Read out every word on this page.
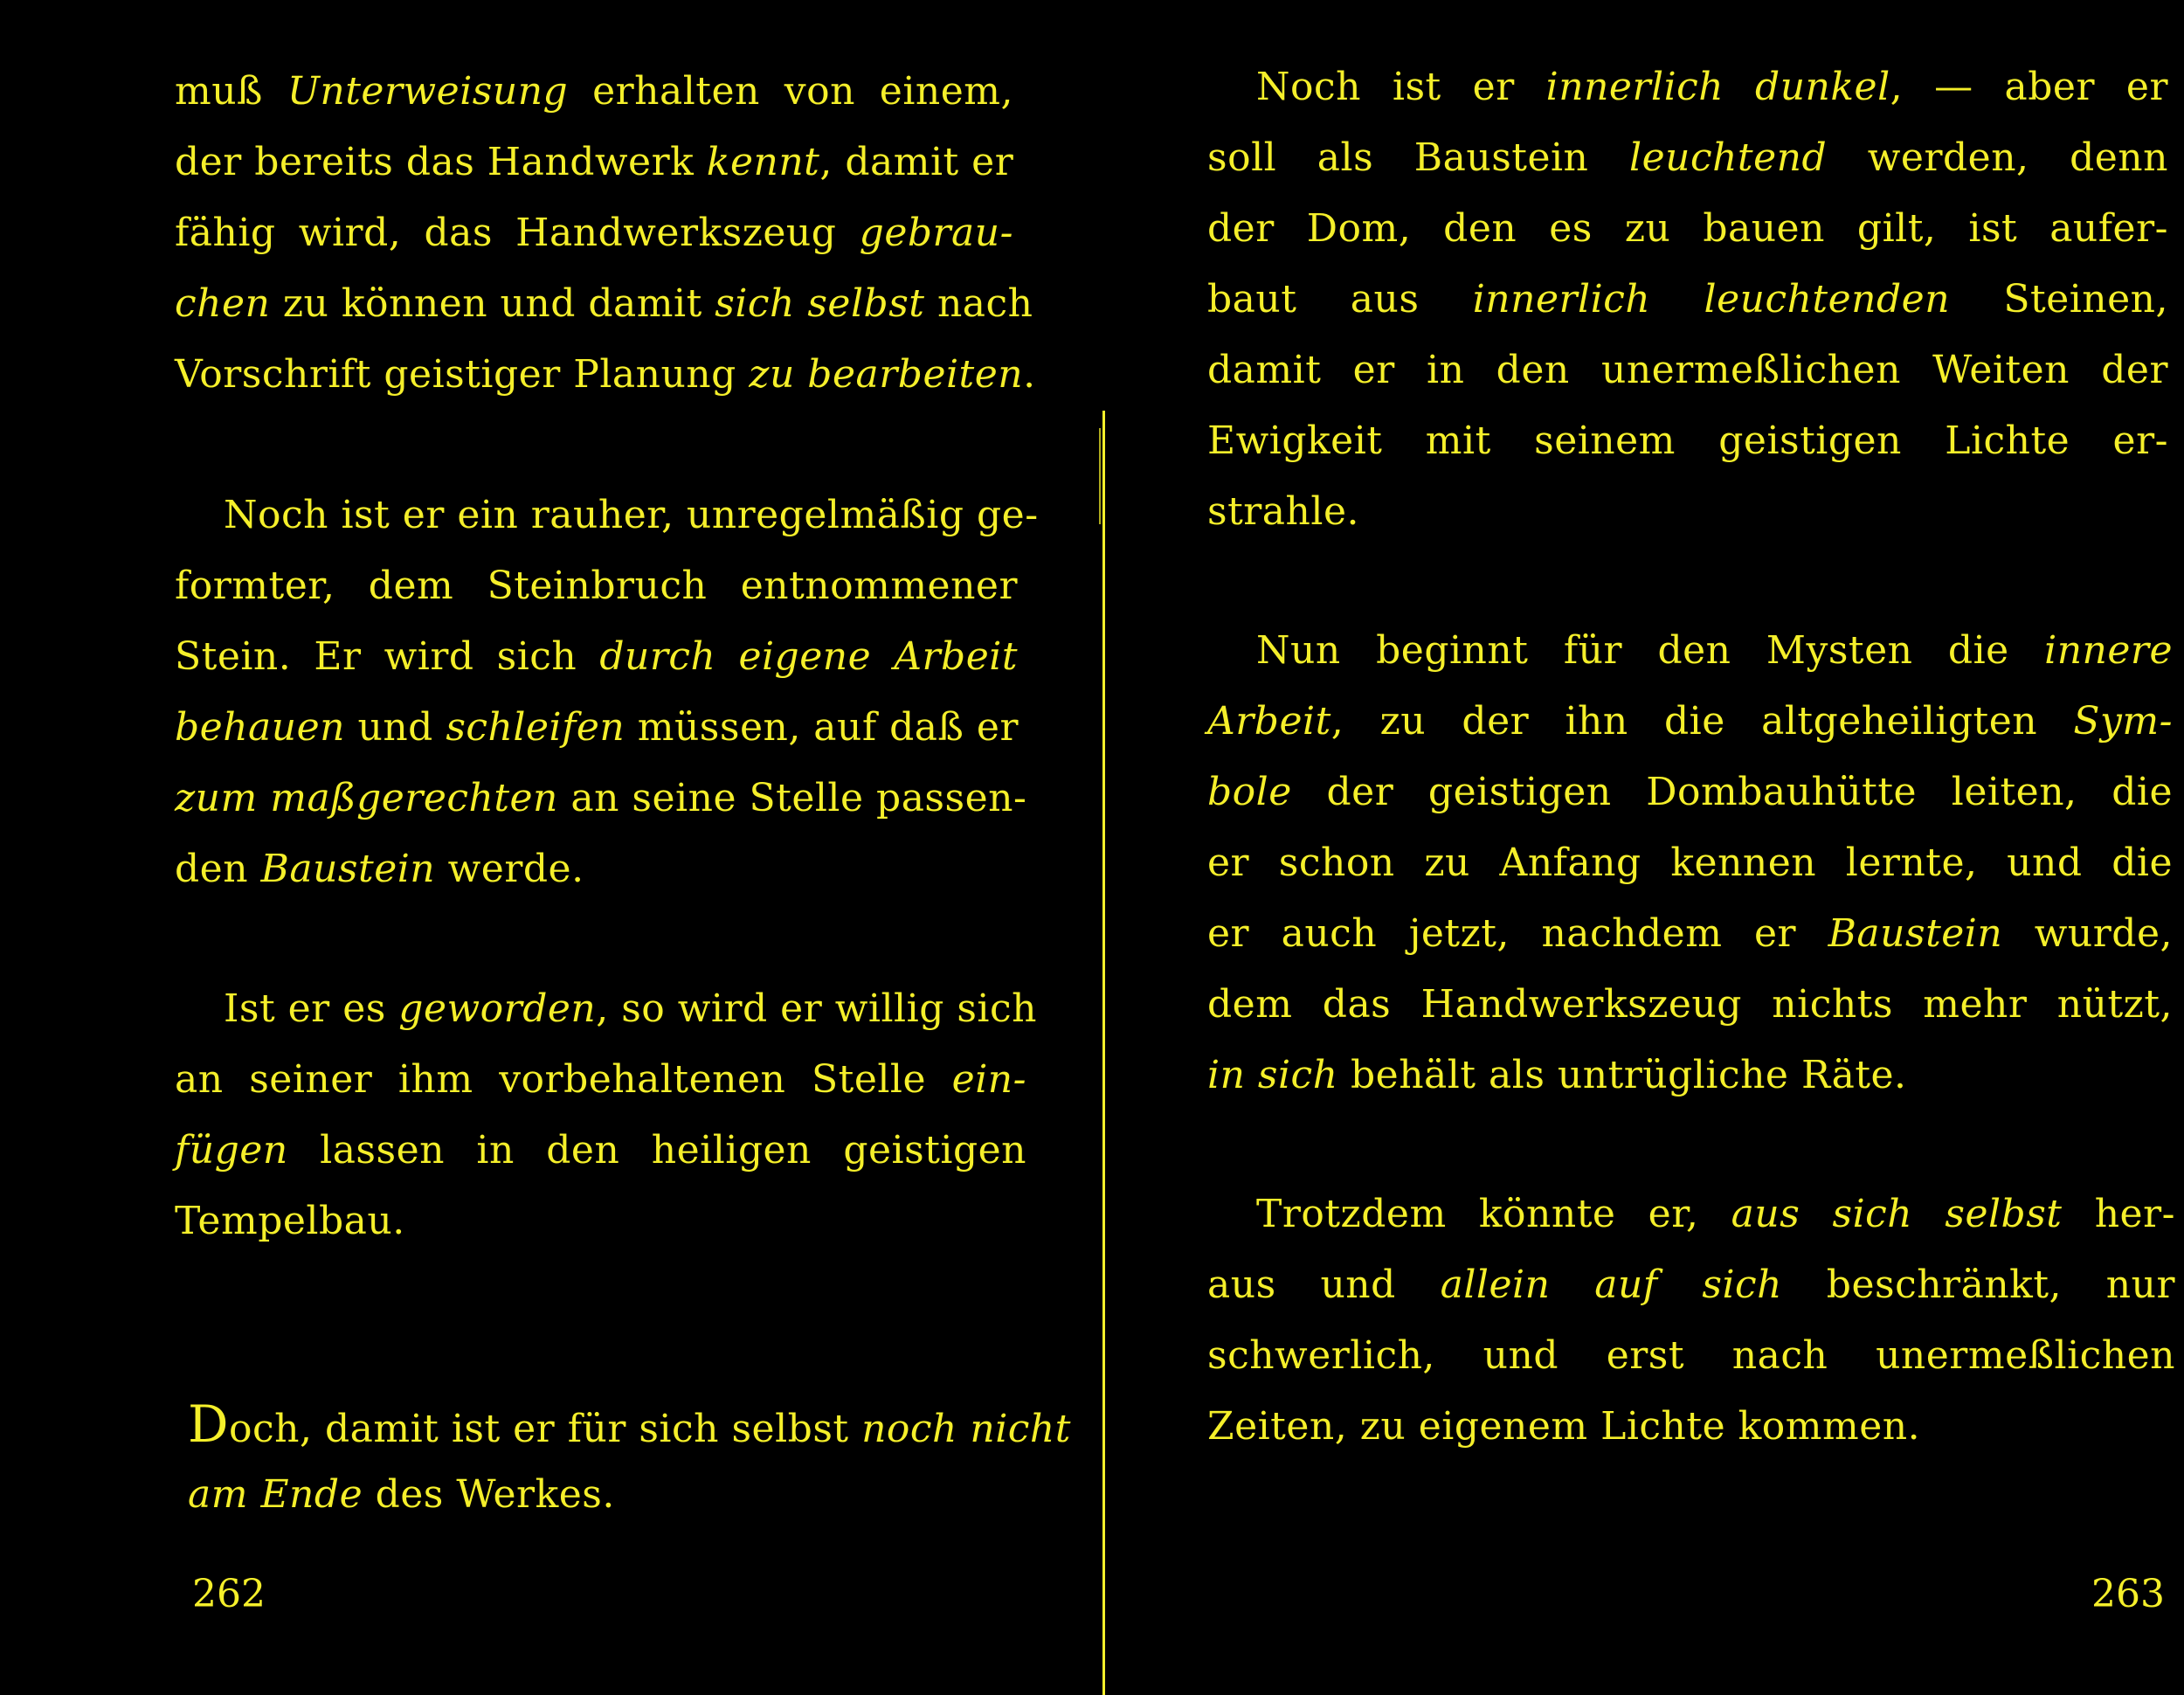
muß Unterweisung erhalten von einem,
der bereits das Handwerk kennt, damit er
fähig wird, das Handwerkszeug gebrau-
chen zu können und damit sich selbst nach
Vorschrift geistiger Planung zu bearbeiten.
Noch ist er ein rauher, unregelmäßig ge-
formter, dem Steinbruch entnommener
Stein. Er wird sich durch eigene Arbeit
behauen und schleifen müssen, auf daß er
zum maßgerechten an seine Stelle passen-
den Baustein werde.
Ist er es geworden, so wird er willig sich
an seiner ihm vorbehaltenen Stelle ein-
fügen lassen in den heiligen geistigen
Tempelbau.
Doch, damit ist er für sich selbst noch nicht
am Ende des Werkes.
262
Noch ist er innerlich dunkel, — aber er
soll als Baustein leuchtend werden, denn
der Dom, den es zu bauen gilt, ist aufer-
baut aus innerlich leuchtenden Steinen,
damit er in den unermeßlichen Weiten der
Ewigkeit mit seinem geistigen Lichte er-
strahle.
Nun beginnt für den Mysten die innere
Arbeit, zu der ihn die altgeheiligten Sym-
bole der geistigen Dombauhütte leiten, die
er schon zu Anfang kennen lernte, und die
er auch jetzt, nachdem er Baustein wurde,
dem das Handwerkszeug nichts mehr nützt,
in sich behält als untrügliche Räte.
Trotzdem könnte er, aus sich selbst her-
aus und allein auf sich beschränkt, nur
schwerlich, und erst nach unermeßlichen
Zeiten, zu eigenem Lichte kommen.
263
